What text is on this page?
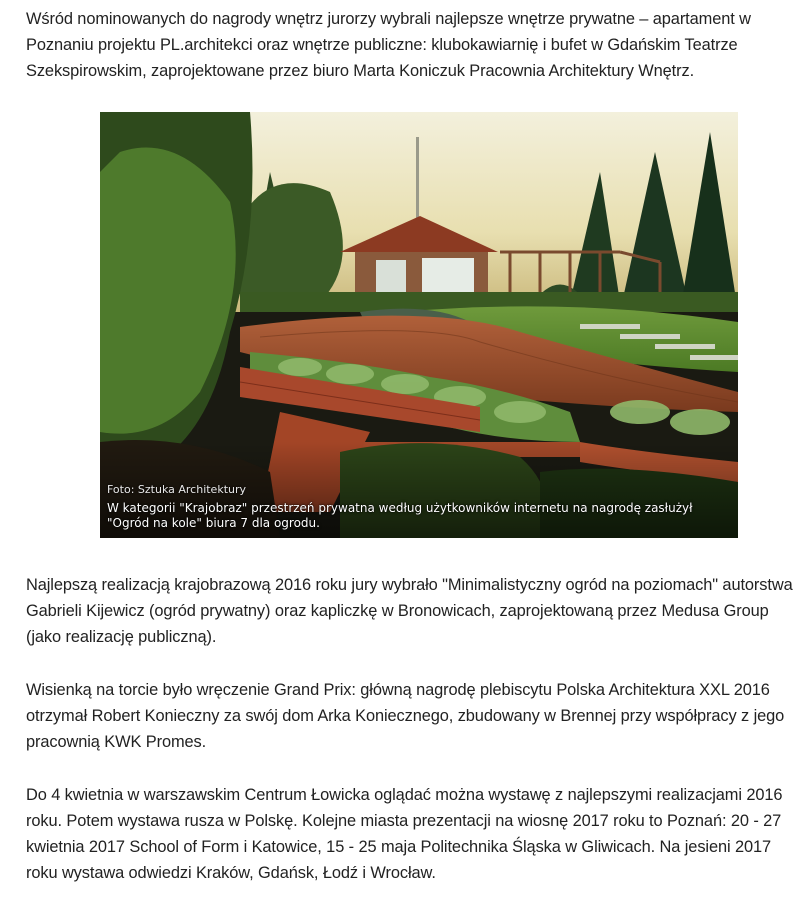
Wśród nominowanych do nagrody wnętrz jurorzy wybrali najlepsze wnętrze prywatne – apartament w Poznaniu projektu PL.architekci oraz wnętrze publiczne: klubokawiarnię i bufet w Gdańskim Teatrze Szekspirowskim, zaprojektowane przez biuro Marta Koniczuk Pracownia Architektury Wnętrz.

Najlepszą realizacją krajobrazową 2016 roku jury wybrało "Minimalistyczny ogród na poziomach" autorstwa Gabrieli Kijewicz (ogród prywatny) oraz kapliczkę w Bronowicach, zaprojektowaną przez Medusa Group (jako realizację publiczną).

Wisienką na torcie było wręczenie Grand Prix: główną nagrodę plebiscytu Polska Architektura XXL 2016 otrzymał Robert Konieczny za swój dom Arka Koniecznego, zbudowany w Brennej przy współpracy z jego pracownią KWK Promes.

Do 4 kwietnia w warszawskim Centrum Łowicka oglądać można wystawę z najlepszymi realizacjami 2016 roku. Potem wystawa rusza w Polskę. Kolejne miasta prezentacji na wiosnę 2017 roku to Poznań: 20 - 27 kwietnia 2017 School of Form i Katowice, 15 - 25 maja Politechnika Śląska w Gliwicach. Na jesieni 2017 roku wystawa odwiedzi Kraków, Gdańsk, Łodź i Wrocław.

Foto: Sztuka Architektury
W kategorii "Krajobraz" przestrzeń prywatna według użytkowników internetu na nagrodę zasłużył "Ogród na kole" biura 7 dla ogrodu.
